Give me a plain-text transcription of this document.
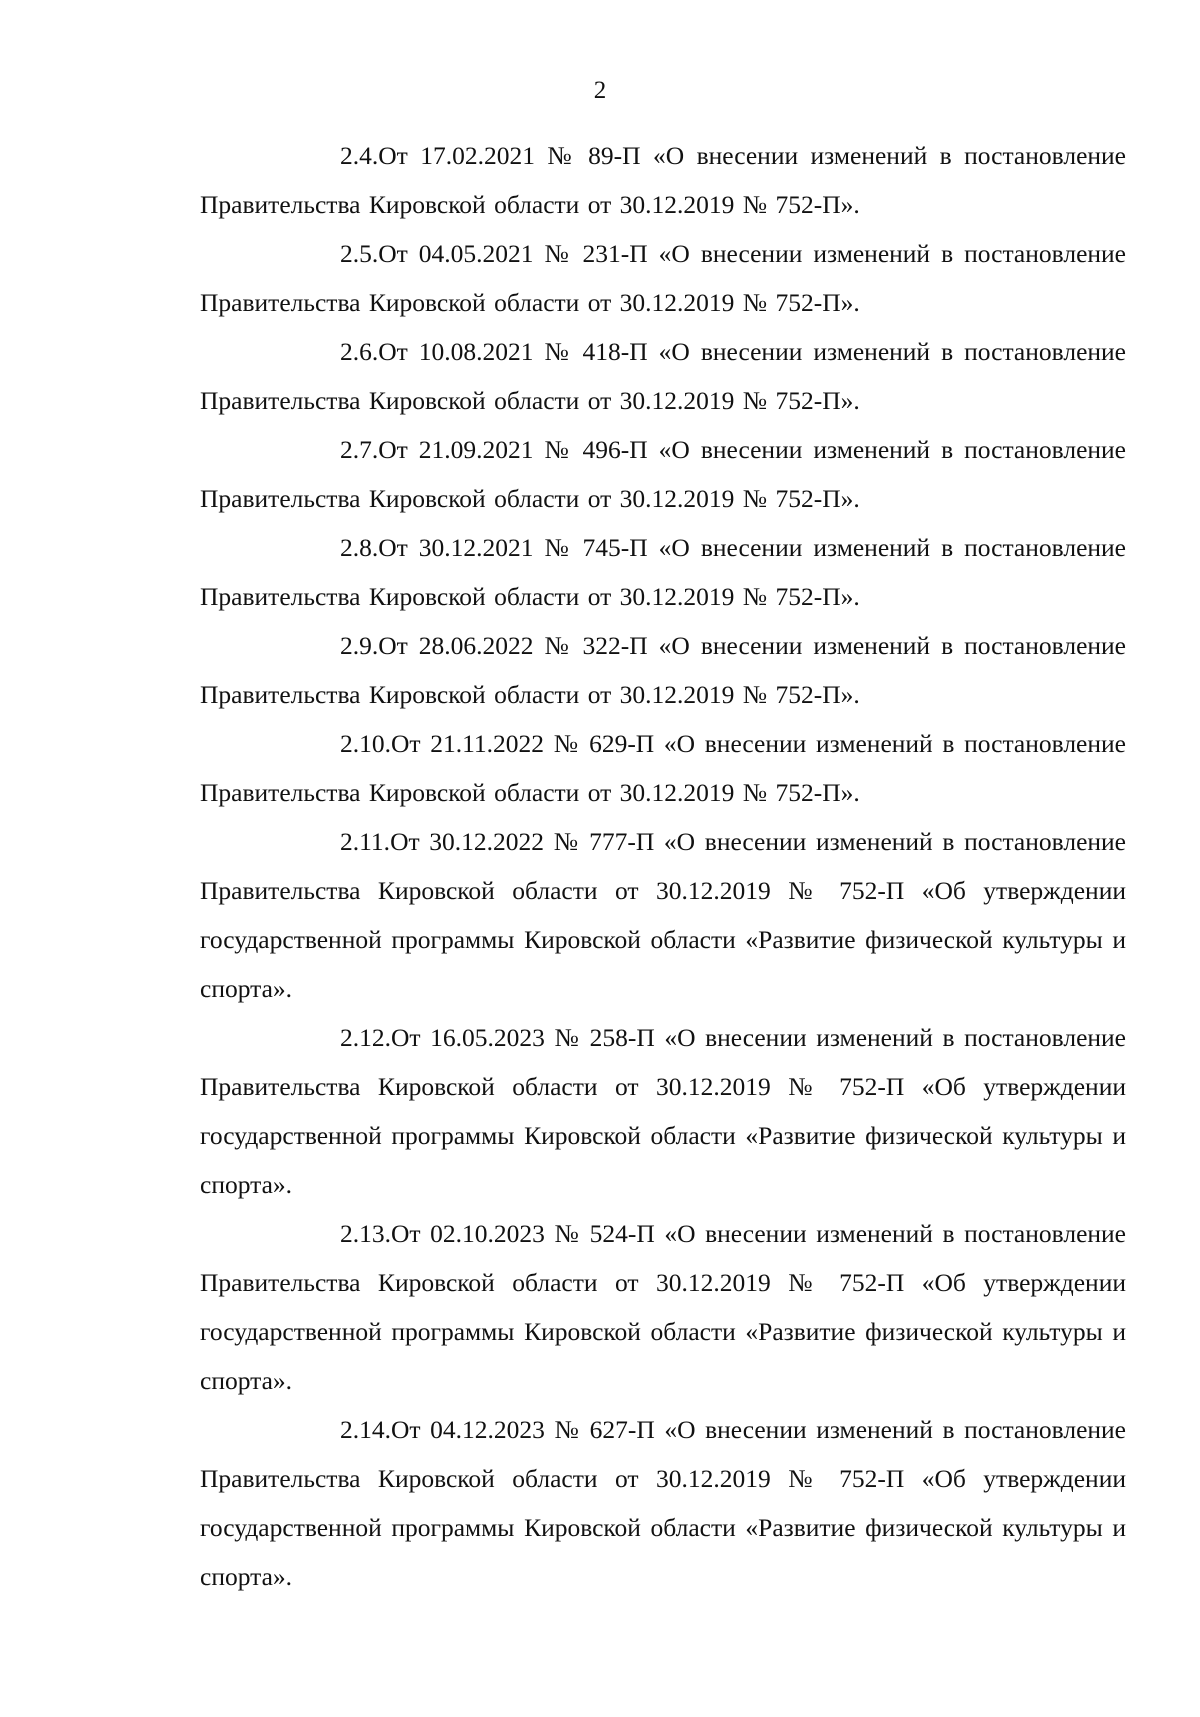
2

2.4.От 17.02.2021 № 89-П «О внесении изменений в постановление Правительства Кировской области от 30.12.2019 № 752-П».

2.5.От 04.05.2021 № 231-П «О внесении изменений в постановление Правительства Кировской области от 30.12.2019 № 752-П».

2.6.От 10.08.2021 № 418-П «О внесении изменений в постановление Правительства Кировской области от 30.12.2019 № 752-П».

2.7.От 21.09.2021 № 496-П «О внесении изменений в постановление Правительства Кировской области от 30.12.2019 № 752-П».

2.8.От 30.12.2021 № 745-П «О внесении изменений в постановление Правительства Кировской области от 30.12.2019 № 752-П».

2.9.От 28.06.2022 № 322-П «О внесении изменений в постановление Правительства Кировской области от 30.12.2019 № 752-П».

2.10.От 21.11.2022 № 629-П «О внесении изменений в постановление Правительства Кировской области от 30.12.2019 № 752-П».

2.11.От 30.12.2022 № 777-П «О внесении изменений в постановление Правительства Кировской области от 30.12.2019 № 752-П «Об утверждении государственной программы Кировской области «Развитие физической культуры и спорта».

2.12.От 16.05.2023 № 258-П «О внесении изменений в постановление Правительства Кировской области от 30.12.2019 № 752-П «Об утверждении государственной программы Кировской области «Развитие физической культуры и спорта».

2.13.От 02.10.2023 № 524-П «О внесении изменений в постановление Правительства Кировской области от 30.12.2019 № 752-П «Об утверждении государственной программы Кировской области «Развитие физической культуры и спорта».

2.14.От 04.12.2023 № 627-П «О внесении изменений в постановление Правительства Кировской области от 30.12.2019 № 752-П «Об утверждении государственной программы Кировской области «Развитие физической культуры и спорта».
